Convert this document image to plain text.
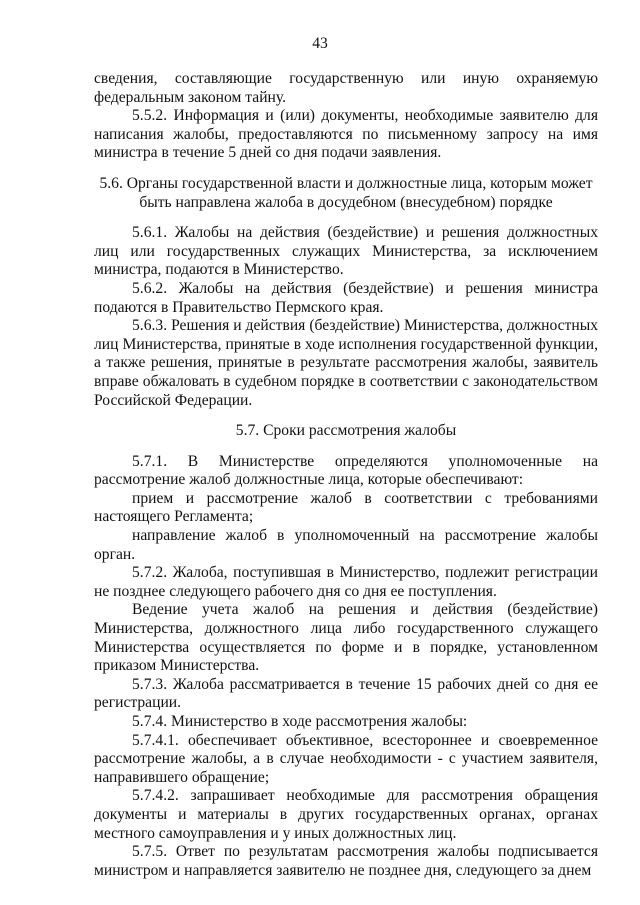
43

сведения, составляющие государственную или иную охраняемую федеральным законом тайну.

5.5.2. Информация и (или) документы, необходимые заявителю для написания жалобы, предоставляются по письменному запросу на имя министра в течение 5 дней со дня подачи заявления.

5.6. Органы государственной власти и должностные лица, которым может быть направлена жалоба в досудебном (внесудебном) порядке

5.6.1. Жалобы на действия (бездействие) и решения должностных лиц или государственных служащих Министерства, за исключением министра, подаются в Министерство.

5.6.2. Жалобы на действия (бездействие) и решения министра подаются в Правительство Пермского края.

5.6.3. Решения и действия (бездействие) Министерства, должностных лиц Министерства, принятые в ходе исполнения государственной функции, а также решения, принятые в результате рассмотрения жалобы, заявитель вправе обжаловать в судебном порядке в соответствии с законодательством Российской Федерации.

5.7. Сроки рассмотрения жалобы

5.7.1. В Министерстве определяются уполномоченные на рассмотрение жалоб должностные лица, которые обеспечивают:

прием и рассмотрение жалоб в соответствии с требованиями настоящего Регламента;

направление жалоб в уполномоченный на рассмотрение жалобы орган.

5.7.2. Жалоба, поступившая в Министерство, подлежит регистрации не позднее следующего рабочего дня со дня ее поступления.

Ведение учета жалоб на решения и действия (бездействие) Министерства, должностного лица либо государственного служащего Министерства осуществляется по форме и в порядке, установленном приказом Министерства.

5.7.3. Жалоба рассматривается в течение 15 рабочих дней со дня ее регистрации.

5.7.4. Министерство в ходе рассмотрения жалобы:

5.7.4.1. обеспечивает объективное, всестороннее и своевременное рассмотрение жалобы, а в случае необходимости - с участием заявителя, направившего обращение;

5.7.4.2. запрашивает необходимые для рассмотрения обращения документы и материалы в других государственных органах, органах местного самоуправления и у иных должностных лиц.

5.7.5. Ответ по результатам рассмотрения жалобы подписывается министром и направляется заявителю не позднее дня, следующего за днем
